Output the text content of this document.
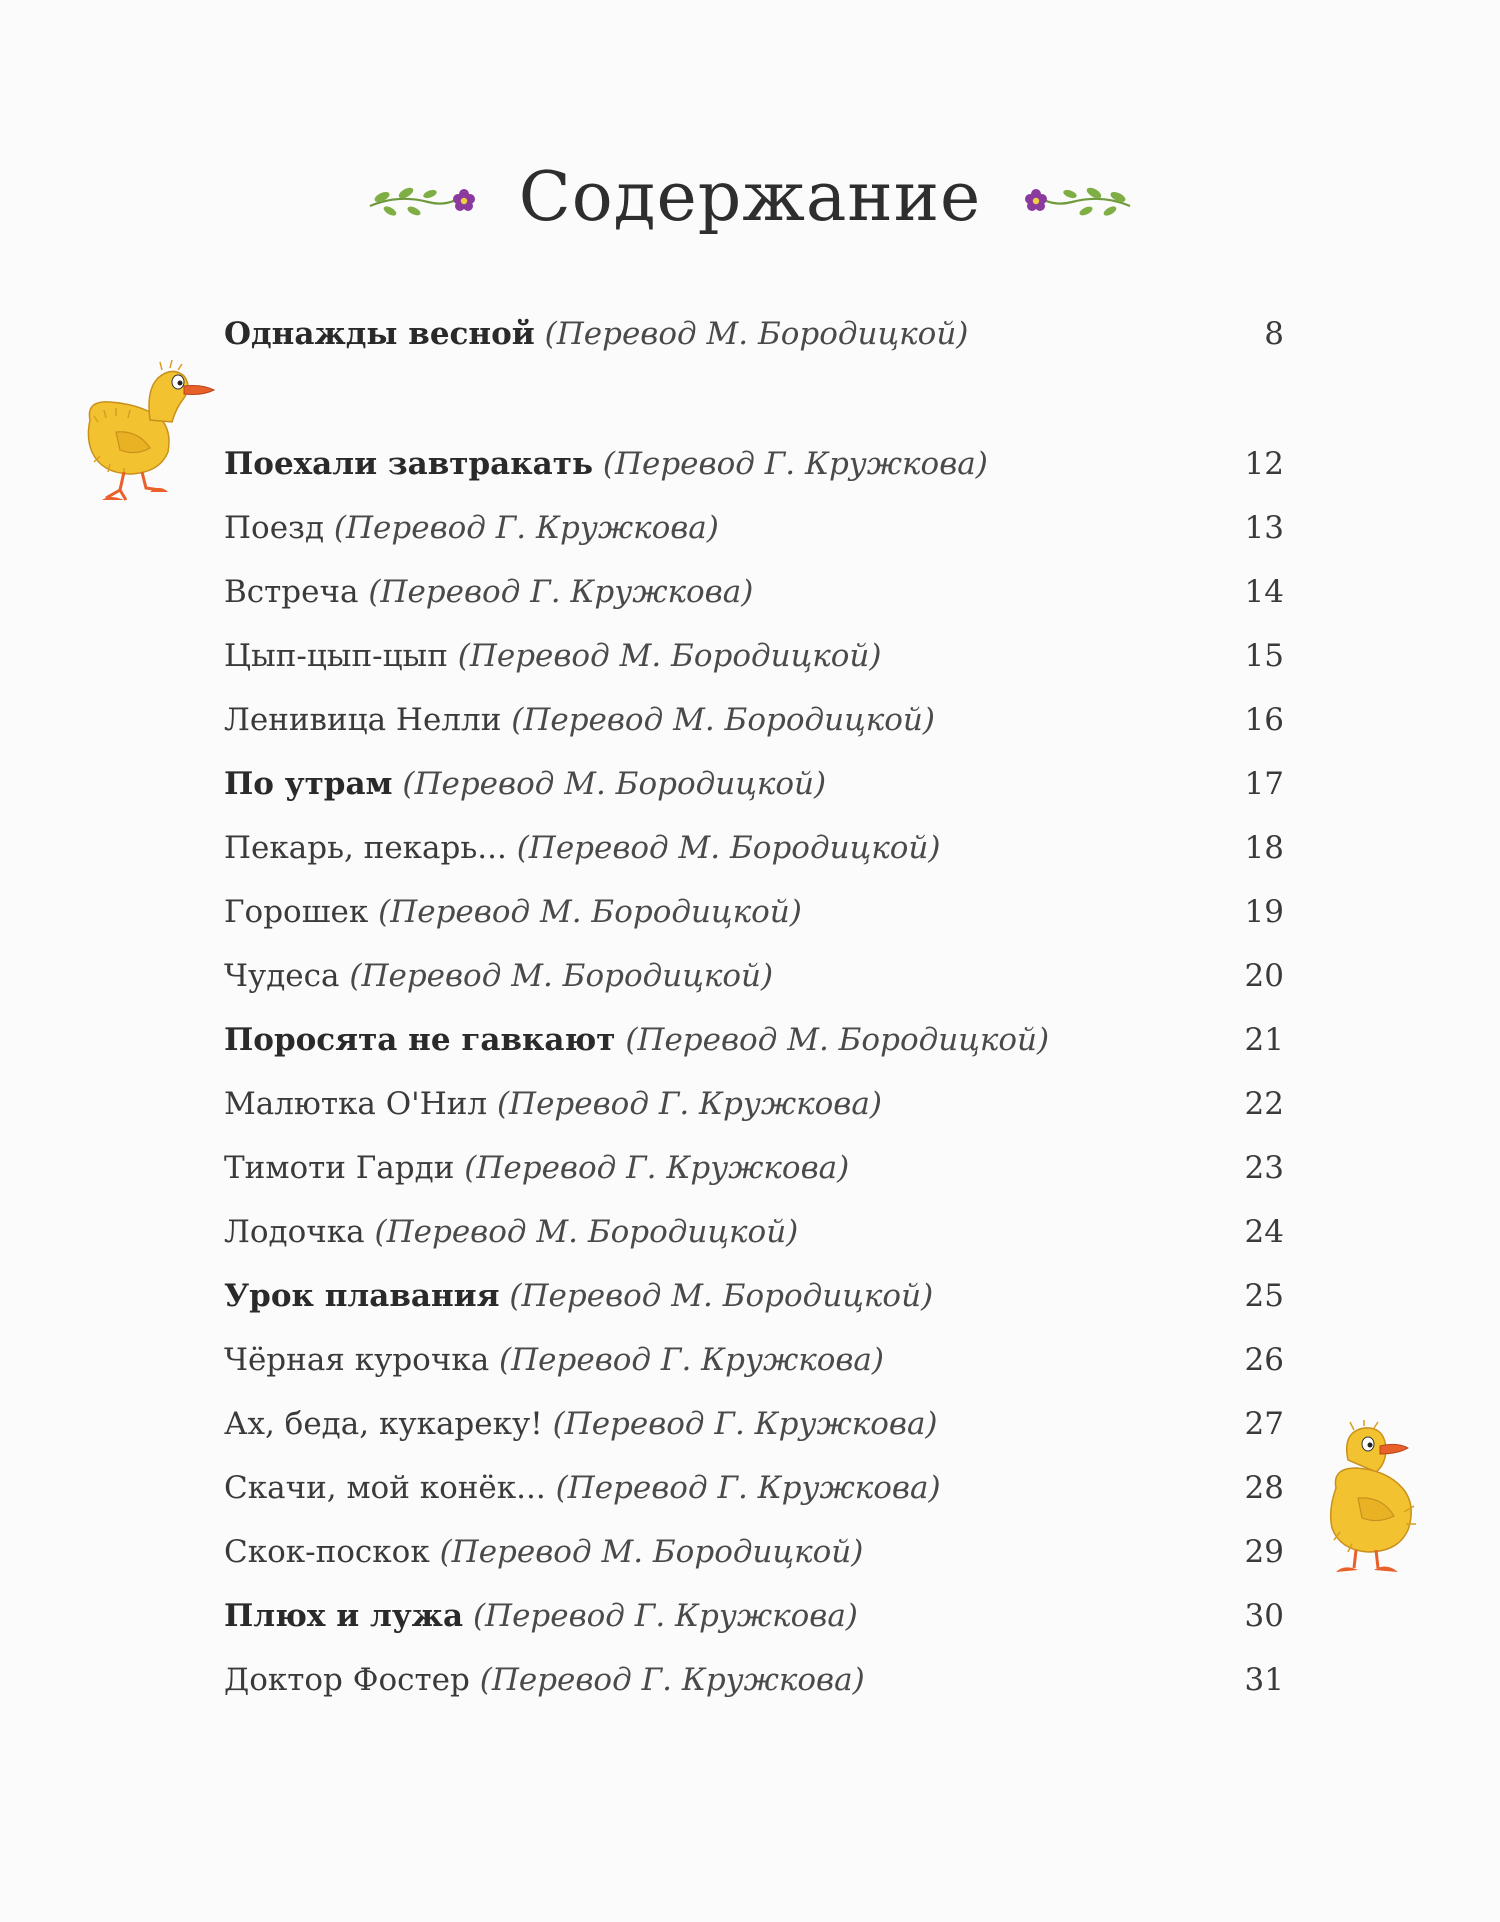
Содержание
Однажды весной (Перевод М. Бородицкой)	8
Поехали завтракать (Перевод Г. Кружкова)	12
Поезд (Перевод Г. Кружкова)	13
Встреча (Перевод Г. Кружкова)	14
Цып-цып-цып (Перевод М. Бородицкой)	15
Ленивица Нелли (Перевод М. Бородицкой)	16
По утрам (Перевод М. Бородицкой)	17
Пекарь, пекарь... (Перевод М. Бородицкой)	18
Горошек (Перевод М. Бородицкой)	19
Чудеса (Перевод М. Бородицкой)	20
Поросята не гавкают (Перевод М. Бородицкой)	21
Малютка О'Нил (Перевод Г. Кружкова)	22
Тимоти Гарди (Перевод Г. Кружкова)	23
Лодочка (Перевод М. Бородицкой)	24
Урок плавания (Перевод М. Бородицкой)	25
Чёрная курочка (Перевод Г. Кружкова)	26
Ах, беда, кукареку! (Перевод Г. Кружкова)	27
Скачи, мой конёк... (Перевод Г. Кружкова)	28
Скок-поскок (Перевод М. Бородицкой)	29
Плюх и лужа (Перевод Г. Кружкова)	30
Доктор Фостер (Перевод Г. Кружкова)	31
